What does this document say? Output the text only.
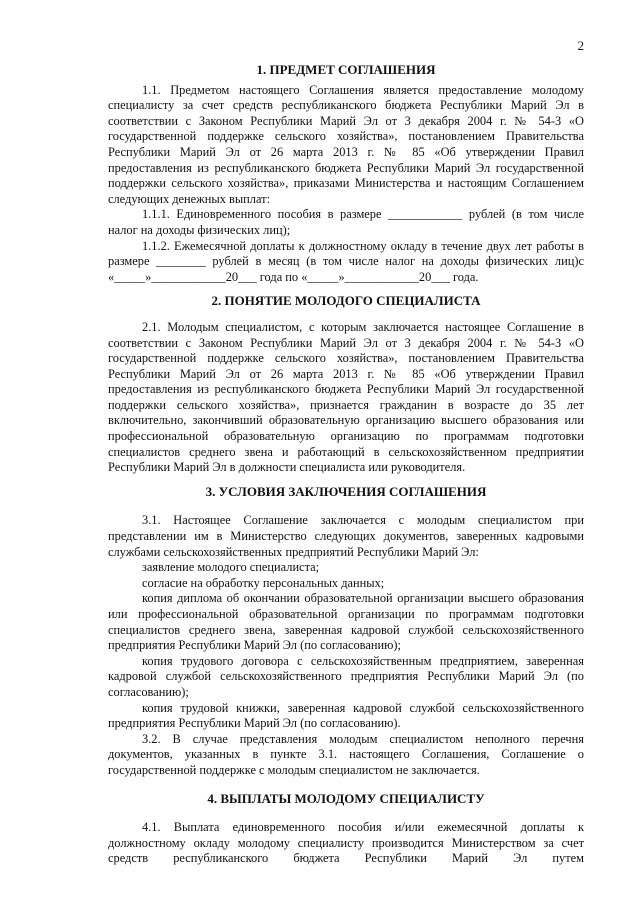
2
1. ПРЕДМЕТ СОГЛАШЕНИЯ

1.1. Предметом настоящего Соглашения является предоставление молодому специалисту за счет средств республиканского бюджета Республики Марий Эл в соответствии с Законом Республики Марий Эл от 3 декабря 2004 г. № 54-З «О государственной поддержке сельского хозяйства», постановлением Правительства Республики Марий Эл от 26 марта 2013 г. № 85 «Об утверждении Правил предоставления из республиканского бюджета Республики Марий Эл государственной поддержки сельского хозяйства», приказами Министерства и настоящим Соглашением следующих денежных выплат:

1.1.1. Единовременного пособия в размере ____________ рублей (в том числе налог на доходы физических лиц);

1.1.2. Ежемесячной доплаты к должностному окладу в течение двух лет работы в размере ________ рублей в месяц (в том числе налог на доходы физических лиц)с «_____»____________20___ года по «_____»____________20___ года.

2. ПОНЯТИЕ МОЛОДОГО СПЕЦИАЛИСТА

2.1. Молодым специалистом, с которым заключается настоящее Соглашение в соответствии с Законом Республики Марий Эл от 3 декабря 2004 г. № 54-З «О государственной поддержке сельского хозяйства», постановлением Правительства Республики Марий Эл от 26 марта 2013 г. № 85 «Об утверждении Правил предоставления из республиканского бюджета Республики Марий Эл государственной поддержки сельского хозяйства», признается гражданин в возрасте до 35 лет включительно, закончивший образовательную организацию высшего образования или профессиональной образовательную организацию по программам подготовки специалистов среднего звена и работающий в сельскохозяйственном предприятии Республики Марий Эл в должности специалиста или руководителя.

3. УСЛОВИЯ ЗАКЛЮЧЕНИЯ СОГЛАШЕНИЯ

3.1. Настоящее Соглашение заключается с молодым специалистом при представлении им в Министерство следующих документов, заверенных кадровыми службами сельскохозяйственных предприятий Республики Марий Эл:

заявление молодого специалиста;

согласие на обработку персональных данных;

копия диплома об окончании образовательной организации высшего образования или профессиональной образовательной организации по программам подготовки специалистов среднего звена, заверенная кадровой службой сельскохозяйственного предприятия Республики Марий Эл (по согласованию);

копия трудового договора с сельскохозяйственным предприятием, заверенная кадровой службой сельскохозяйственного предприятия Республики Марий Эл (по согласованию);

копия трудовой книжки, заверенная кадровой службой сельскохозяйственного предприятия Республики Марий Эл (по согласованию).

3.2. В случае представления молодым специалистом неполного перечня документов, указанных в пункте 3.1. настоящего Соглашения, Соглашение о государственной поддержке с молодым специалистом не заключается.

4. ВЫПЛАТЫ МОЛОДОМУ СПЕЦИАЛИСТУ

4.1. Выплата единовременного пособия и/или ежемесячной доплаты к должностному окладу молодому специалисту производится Министерством за счет средств республиканского бюджета Республики Марий Эл путем
